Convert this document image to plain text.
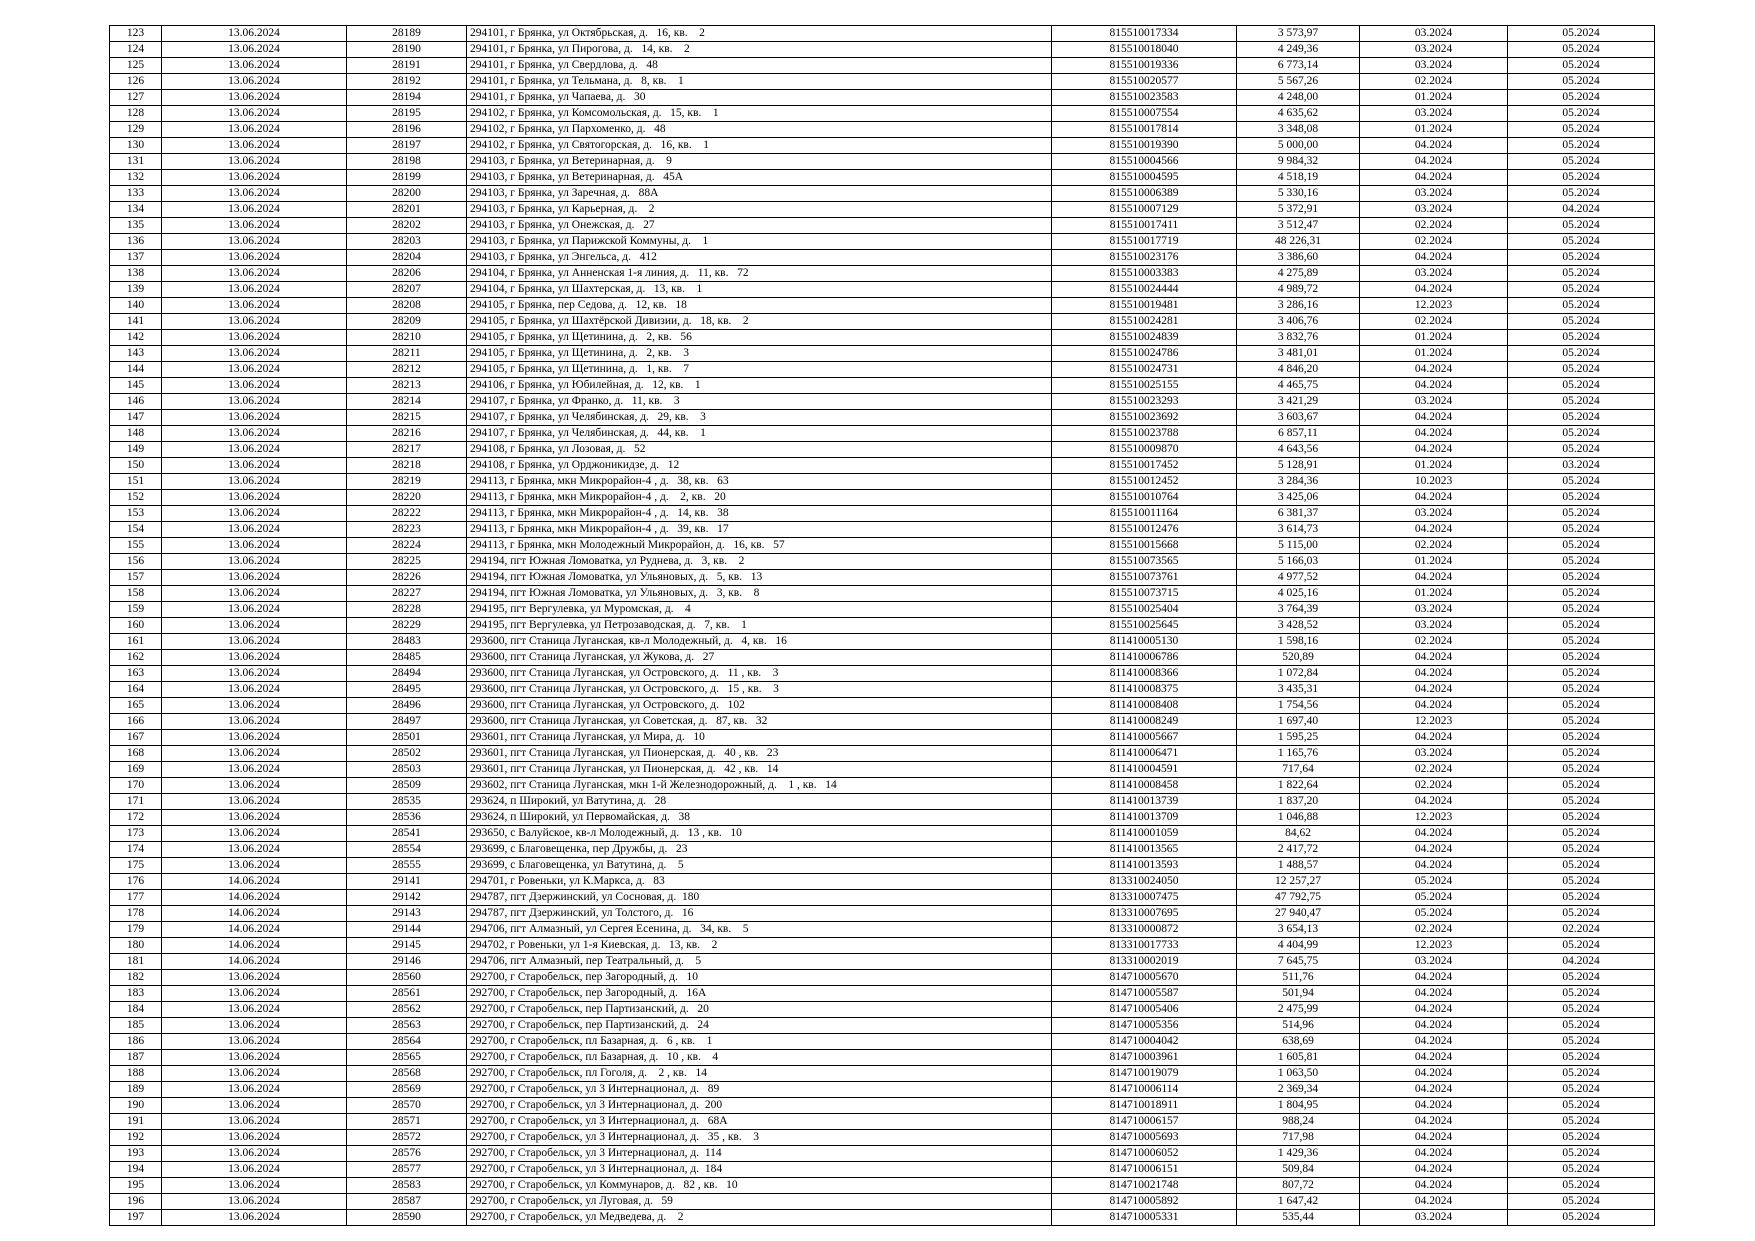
123	13.06.2024	28189	294101, г Брянка, ул Октябрьская, д.   16, кв.    2	815510017334	3 573,97	03.2024	05.2024
124	13.06.2024	28190	294101, г Брянка, ул Пирогова, д.   14, кв.    2	815510018040	4 249,36	03.2024	05.2024
125	13.06.2024	28191	294101, г Брянка, ул Свердлова, д.   48	815510019336	6 773,14	03.2024	05.2024
126	13.06.2024	28192	294101, г Брянка, ул Тельмана, д.   8, кв.    1	815510020577	5 567,26	02.2024	05.2024
127	13.06.2024	28194	294101, г Брянка, ул Чапаева, д.   30	815510023583	4 248,00	01.2024	05.2024
128	13.06.2024	28195	294102, г Брянка, ул Комсомольская, д.   15, кв.    1	815510007554	4 635,62	03.2024	05.2024
129	13.06.2024	28196	294102, г Брянка, ул Пархоменко, д.   48	815510017814	3 348,08	01.2024	05.2024
130	13.06.2024	28197	294102, г Брянка, ул Святогорская, д.   16, кв.    1	815510019390	5 000,00	04.2024	05.2024
131	13.06.2024	28198	294103, г Брянка, ул Ветеринарная, д.    9	815510004566	9 984,32	04.2024	05.2024
132	13.06.2024	28199	294103, г Брянка, ул Ветеринарная, д.   45А	815510004595	4 518,19	04.2024	05.2024
133	13.06.2024	28200	294103, г Брянка, ул Заречная, д.   88А	815510006389	5 330,16	03.2024	05.2024
134	13.06.2024	28201	294103, г Брянка, ул Карьерная, д.    2	815510007129	5 372,91	03.2024	04.2024
135	13.06.2024	28202	294103, г Брянка, ул Онежская, д.   27	815510017411	3 512,47	02.2024	05.2024
136	13.06.2024	28203	294103, г Брянка, ул Парижской Коммуны, д.    1	815510017719	48 226,31	02.2024	05.2024
137	13.06.2024	28204	294103, г Брянка, ул Энгельса, д.   412	815510023176	3 386,60	04.2024	05.2024
138	13.06.2024	28206	294104, г Брянка, ул Анненская 1-я линия, д.   11, кв.   72	815510003383	4 275,89	03.2024	05.2024
139	13.06.2024	28207	294104, г Брянка, ул Шахтерская, д.   13, кв.    1	815510024444	4 989,72	04.2024	05.2024
140	13.06.2024	28208	294105, г Брянка, пер Седова, д.   12, кв.   18	815510019481	3 286,16	12.2023	05.2024
141	13.06.2024	28209	294105, г Брянка, ул Шахтёрской Дивизии, д.   18, кв.    2	815510024281	3 406,76	02.2024	05.2024
142	13.06.2024	28210	294105, г Брянка, ул Щетинина, д.   2, кв.   56	815510024839	3 832,76	01.2024	05.2024
143	13.06.2024	28211	294105, г Брянка, ул Щетинина, д.   2, кв.    3	815510024786	3 481,01	01.2024	05.2024
144	13.06.2024	28212	294105, г Брянка, ул Щетинина, д.   1, кв.    7	815510024731	4 846,20	04.2024	05.2024
145	13.06.2024	28213	294106, г Брянка, ул Юбилейная, д.   12, кв.    1	815510025155	4 465,75	04.2024	05.2024
146	13.06.2024	28214	294107, г Брянка, ул Франко, д.   11, кв.    3	815510023293	3 421,29	03.2024	05.2024
147	13.06.2024	28215	294107, г Брянка, ул Челябинская, д.   29, кв.    3	815510023692	3 603,67	04.2024	05.2024
148	13.06.2024	28216	294107, г Брянка, ул Челябинская, д.   44, кв.    1	815510023788	6 857,11	04.2024	05.2024
149	13.06.2024	28217	294108, г Брянка, ул Лозовая, д.   52	815510009870	4 643,56	04.2024	05.2024
150	13.06.2024	28218	294108, г Брянка, ул Орджоникидзе, д.   12	815510017452	5 128,91	01.2024	03.2024
151	13.06.2024	28219	294113, г Брянка, мкн Микрорайон-4 , д.   38, кв.   63	815510012452	3 284,36	10.2023	05.2024
152	13.06.2024	28220	294113, г Брянка, мкн Микрорайон-4 , д.    2, кв.   20	815510010764	3 425,06	04.2024	05.2024
153	13.06.2024	28222	294113, г Брянка, мкн Микрорайон-4 , д.   14, кв.   38	815510011164	6 381,37	03.2024	05.2024
154	13.06.2024	28223	294113, г Брянка, мкн Микрорайон-4 , д.   39, кв.   17	815510012476	3 614,73	04.2024	05.2024
155	13.06.2024	28224	294113, г Брянка, мкн Молодежный Микрорайон, д.   16, кв.   57	815510015668	5 115,00	02.2024	05.2024
156	13.06.2024	28225	294194, пгт Южная Ломоватка, ул Руднева, д.   3, кв.    2	815510073565	5 166,03	01.2024	05.2024
157	13.06.2024	28226	294194, пгт Южная Ломоватка, ул Ульяновых, д.   5, кв.   13	815510073761	4 977,52	04.2024	05.2024
158	13.06.2024	28227	294194, пгт Южная Ломоватка, ул Ульяновых, д.   3, кв.    8	815510073715	4 025,16	01.2024	05.2024
159	13.06.2024	28228	294195, пгт Вергулевка, ул Муромская, д.    4	815510025404	3 764,39	03.2024	05.2024
160	13.06.2024	28229	294195, пгт Вергулевка, ул Петрозаводская, д.   7, кв.    1	815510025645	3 428,52	03.2024	05.2024
161	13.06.2024	28483	293600, пгт Станица Луганская, кв-л Молодежный, д.   4, кв.   16	811410005130	1 598,16	02.2024	05.2024
162	13.06.2024	28485	293600, пгт Станица Луганская, ул Жукова, д.   27	811410006786	520,89	04.2024	05.2024
163	13.06.2024	28494	293600, пгт Станица Луганская, ул Островского, д.   11 , кв.    3	811410008366	1 072,84	04.2024	05.2024
164	13.06.2024	28495	293600, пгт Станица Луганская, ул Островского, д.   15 , кв.    3	811410008375	3 435,31	04.2024	05.2024
165	13.06.2024	28496	293600, пгт Станица Луганская, ул Островского, д.   102	811410008408	1 754,56	04.2024	05.2024
166	13.06.2024	28497	293600, пгт Станица Луганская, ул Советская, д.   87, кв.   32	811410008249	1 697,40	12.2023	05.2024
167	13.06.2024	28501	293601, пгт Станица Луганская, ул Мира, д.   10	811410005667	1 595,25	04.2024	05.2024
168	13.06.2024	28502	293601, пгт Станица Луганская, ул Пионерская, д.   40 , кв.   23	811410006471	1 165,76	03.2024	05.2024
169	13.06.2024	28503	293601, пгт Станица Луганская, ул Пионерская, д.   42 , кв.   14	811410004591	717,64	02.2024	05.2024
170	13.06.2024	28509	293602, пгт Станица Луганская, мкн 1-й Железнодорожный, д.    1 , кв.   14	811410008458	1 822,64	02.2024	05.2024
171	13.06.2024	28535	293624, п Широкий, ул Ватутина, д.   28	811410013739	1 837,20	04.2024	05.2024
172	13.06.2024	28536	293624, п Широкий, ул Первомайская, д.   38	811410013709	1 046,88	12.2023	05.2024
173	13.06.2024	28541	293650, с Валуйское, кв-л Молодежный, д.   13 , кв.   10	811410001059	84,62	04.2024	05.2024
174	13.06.2024	28554	293699, с Благовещенка, пер Дружбы, д.   23	811410013565	2 417,72	04.2024	05.2024
175	13.06.2024	28555	293699, с Благовещенка, ул Ватутина, д.    5	811410013593	1 488,57	04.2024	05.2024
176	14.06.2024	29141	294701, г Ровеньки, ул К.Маркса, д.   83	813310024050	12 257,27	05.2024	05.2024
177	14.06.2024	29142	294787, пгт Дзержинский, ул Сосновая, д.  180	813310007475	47 792,75	05.2024	05.2024
178	14.06.2024	29143	294787, пгт Дзержинский, ул Толстого, д.   16	813310007695	27 940,47	05.2024	05.2024
179	14.06.2024	29144	294706, пгт Алмазный, ул Сергея Есенина, д.   34, кв.    5	813310000872	3 654,13	02.2024	02.2024
180	14.06.2024	29145	294702, г Ровеньки, ул 1-я Киевская, д.   13, кв.    2	813310017733	4 404,99	12.2023	05.2024
181	14.06.2024	29146	294706, пгт Алмазный, пер Театральный, д.    5	813310002019	7 645,75	03.2024	04.2024
182	13.06.2024	28560	292700, г Старобельск, пер Загородный, д.   10	814710005670	511,76	04.2024	05.2024
183	13.06.2024	28561	292700, г Старобельск, пер Загородный, д.   16А	814710005587	501,94	04.2024	05.2024
184	13.06.2024	28562	292700, г Старобельск, пер Партизанский, д.   20	814710005406	2 475,99	04.2024	05.2024
185	13.06.2024	28563	292700, г Старобельск, пер Партизанский, д.   24	814710005356	514,96	04.2024	05.2024
186	13.06.2024	28564	292700, г Старобельск, пл Базарная, д.   6 , кв.    1	814710004042	638,69	04.2024	05.2024
187	13.06.2024	28565	292700, г Старобельск, пл Базарная, д.   10 , кв.    4	814710003961	1 605,81	04.2024	05.2024
188	13.06.2024	28568	292700, г Старобельск, пл Гоголя, д.    2 , кв.   14	814710019079	1 063,50	04.2024	05.2024
189	13.06.2024	28569	292700, г Старобельск, ул 3 Интернационал, д.   89	814710006114	2 369,34	04.2024	05.2024
190	13.06.2024	28570	292700, г Старобельск, ул 3 Интернационал, д.  200	814710018911	1 804,95	04.2024	05.2024
191	13.06.2024	28571	292700, г Старобельск, ул 3 Интернационал, д.   68А	814710006157	988,24	04.2024	05.2024
192	13.06.2024	28572	292700, г Старобельск, ул 3 Интернационал, д.   35 , кв.    3	814710005693	717,98	04.2024	05.2024
193	13.06.2024	28576	292700, г Старобельск, ул 3 Интернационал, д.  114	814710006052	1 429,36	04.2024	05.2024
194	13.06.2024	28577	292700, г Старобельск, ул 3 Интернационал, д.  184	814710006151	509,84	04.2024	05.2024
195	13.06.2024	28583	292700, г Старобельск, ул Коммунаров, д.   82 , кв.   10	814710021748	807,72	04.2024	05.2024
196	13.06.2024	28587	292700, г Старобельск, ул Луговая, д.   59	814710005892	1 647,42	04.2024	05.2024
197	13.06.2024	28590	292700, г Старобельск, ул Медведева, д.    2	814710005331	535,44	03.2024	05.2024
